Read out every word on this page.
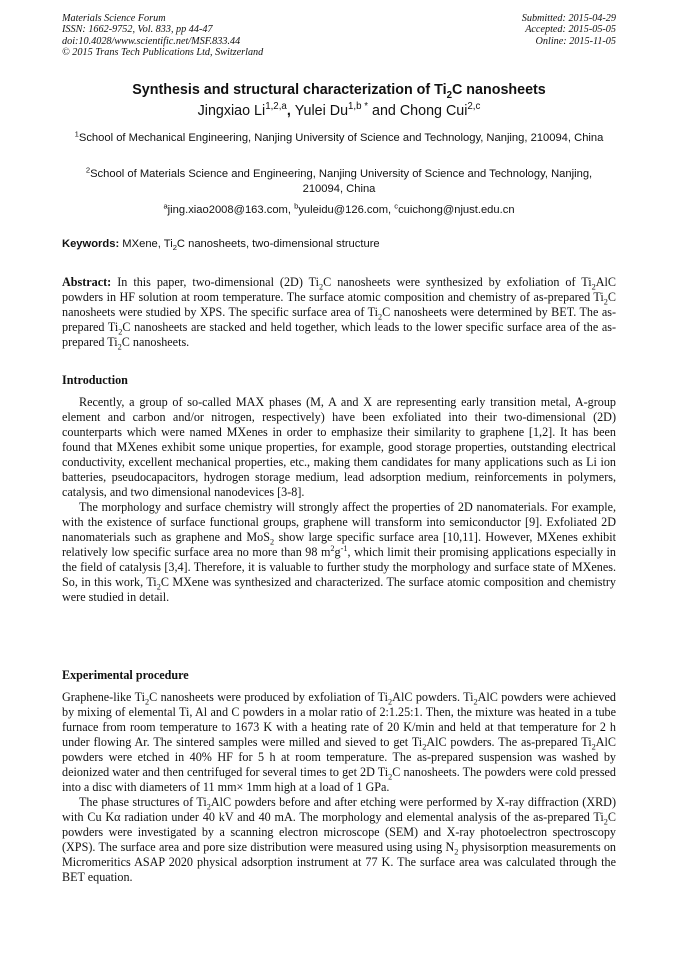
Materials Science Forum
ISSN: 1662-9752, Vol. 833, pp 44-47
doi:10.4028/www.scientific.net/MSF.833.44
© 2015 Trans Tech Publications Ltd, Switzerland
Submitted: 2015-04-29
Accepted: 2015-05-05
Online: 2015-11-05
Synthesis and structural characterization of $Ti_2C$ nanosheets
Jingxiao Li$^{1,2,a}$, Yulei $Du^{1,b *}$ and Chong Cui$^{2,c}$
$^1$School of Mechanical Engineering, Nanjing University of Science and Technology, Nanjing, 210094, China
$^2$School of Materials Science and Engineering, Nanjing University of Science and Technology, Nanjing, 210094, China
$^a$jing.xiao2008@163.com, $^b$yuleidu@126.com, $^c$cuichong@njust.edu.cn
Keywords: MXene, $Ti_2C$ nanosheets, two-dimensional structure
Abstract: In this paper, two-dimensional (2D) $Ti_2C$ nanosheets were synthesized by exfoliation of $Ti_2AlC$ powders in HF solution at room temperature. The surface atomic composition and chemistry of as-prepared $Ti_2C$ nanosheets were studied by XPS. The specific surface area of $Ti_2C$ nanosheets were determined by BET. The as-prepared $Ti_2C$ nanosheets are stacked and held together, which leads to the lower specific surface area of the as-prepared $Ti_2C$ nanosheets.
Introduction

Recently, a group of so-called MAX phases (M, A and X are representing early transition metal, A-group element and carbon and/or nitrogen, respectively) have been exfoliated into their two-dimensional (2D) counterparts which were named MXenes in order to emphasize their similarity to graphene [1,2]. It has been found that MXenes exhibit some unique properties, for example, good storage properties, outstanding electrical conductivity, excellent mechanical properties, etc., making them candidates for many applications such as Li ion batteries, pseudocapacitors, hydrogen storage medium, lead adsorption medium, reinforcements in polymers, catalysis, and two dimensional nanodevices [3-8].

The morphology and surface chemistry will strongly affect the properties of 2D nanomaterials. For example, with the existence of surface functional groups, graphene will transform into semiconductor [9]. Exfoliated 2D nanomaterials such as graphene and MoS$_2$ show large specific surface area [10,11]. However, MXenes exhibit relatively low specific surface area no more than 98 $m^2g^{-1}$, which limit their promising applications especially in the field of catalysis [3,4]. Therefore, it is valuable to further study the morphology and surface state of MXenes. So, in this work, $Ti_2C$ MXene was synthesized and characterized. The surface atomic composition and chemistry were studied in detail.

Experimental procedure

Graphene-like $Ti_2C$ nanosheets were produced by exfoliation of $Ti_2AlC$ powders. $Ti_2AlC$ powders were achieved by mixing of elemental Ti, Al and C powders in a molar ratio of 2:1.25:1. Then, the mixture was heated in a tube furnace from room temperature to 1673 K with a heating rate of 20 K/min and held at that temperature for 2 h under flowing Ar. The sintered samples were milled and sieved to get $Ti_2AlC$ powders. The as-prepared $Ti_2AlC$ powders were etched in 40% HF for 5 h at room temperature. The as-prepared suspension was washed by deionized water and then centrifuged for several times to get 2D $Ti_2C$ nanosheets. The powders were cold pressed into a disc with diameters of 11 mm× 1mm high at a load of 1 GPa.

The phase structures of $Ti_2AlC$ powders before and after etching were performed by X-ray diffraction (XRD) with Cu Kα radiation under 40 kV and 40 mA. The morphology and elemental analysis of the as-prepared $Ti_2C$ powders were investigated by a scanning electron microscope (SEM) and X-ray photoelectron spectroscopy (XPS). The surface area and pore size distribution were measured using using $N_2$ physisorption measurements on Micromeritics ASAP 2020 physical adsorption instrument at 77 K. The surface area was calculated through the BET equation.
